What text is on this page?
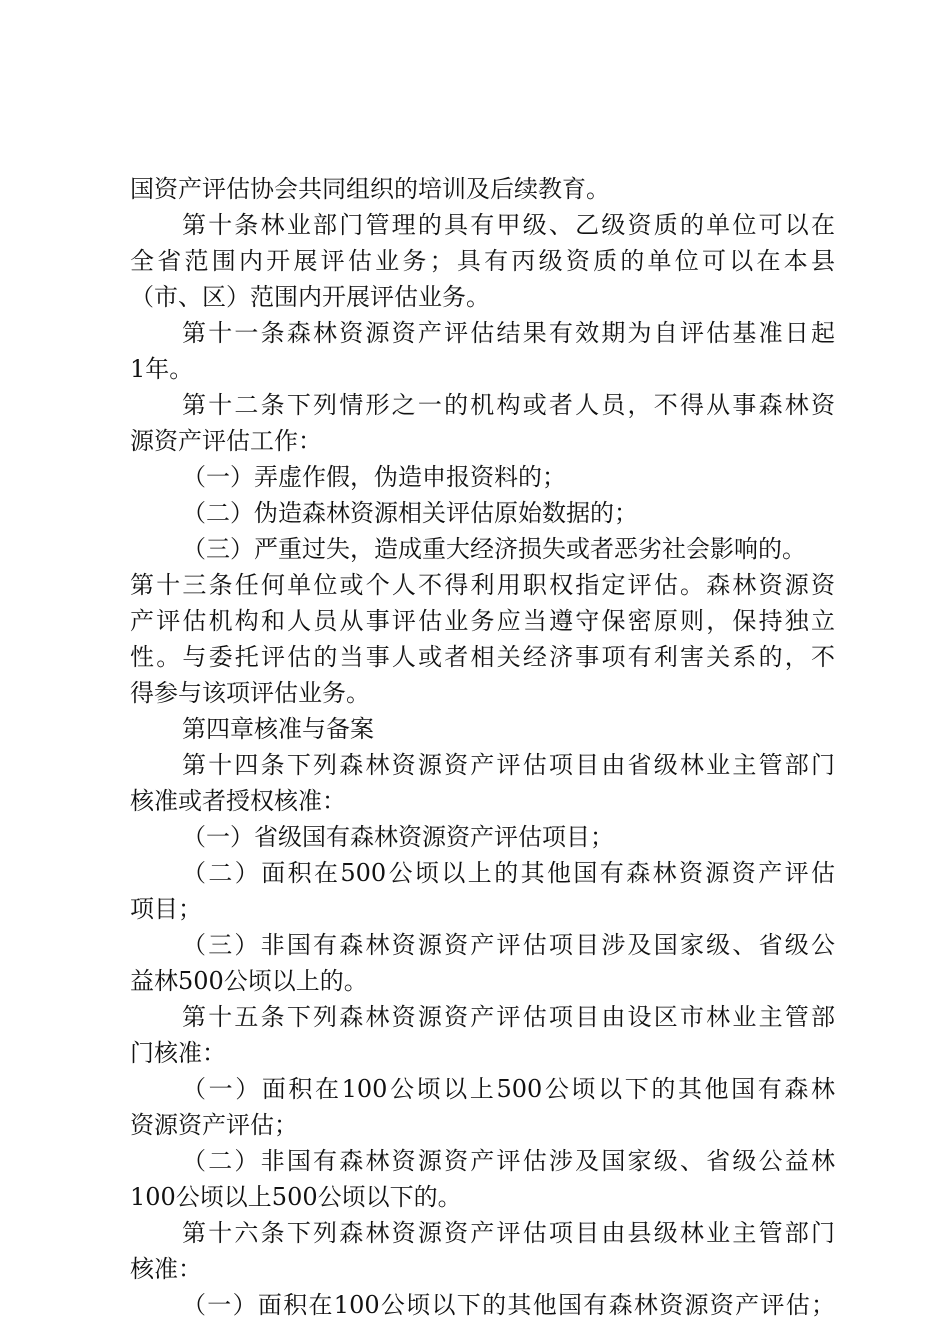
国资产评估协会共同组织的培训及后续教育。
第十条林业部门管理的具有甲级、乙级资质的单位可以在
全省范围内开展评估业务；具有丙级资质的单位可以在本县
（市、区）范围内开展评估业务。
第十一条森林资源资产评估结果有效期为自评估基准日起
1年。
第十二条下列情形之一的机构或者人员，不得从事森林资
源资产评估工作：
（一）弄虚作假，伪造申报资料的；
（二）伪造森林资源相关评估原始数据的；
（三）严重过失，造成重大经济损失或者恶劣社会影响的。
第十三条任何单位或个人不得利用职权指定评估。森林资源资
产评估机构和人员从事评估业务应当遵守保密原则，保持独立
性。与委托评估的当事人或者相关经济事项有利害关系的，不
得参与该项评估业务。
第四章核准与备案
第十四条下列森林资源资产评估项目由省级林业主管部门
核准或者授权核准：
（一）省级国有森林资源资产评估项目；
（二）面积在500公顷以上的其他国有森林资源资产评估
项目；
（三）非国有森林资源资产评估项目涉及国家级、省级公
益林500公顷以上的。
第十五条下列森林资源资产评估项目由设区市林业主管部
门核准：
（一）面积在100公顷以上500公顷以下的其他国有森林
资源资产评估；
（二）非国有森林资源资产评估涉及国家级、省级公益林
100公顷以上500公顷以下的。
第十六条下列森林资源资产评估项目由县级林业主管部门
核准：
（一）面积在100公顷以下的其他国有森林资源资产评估；
